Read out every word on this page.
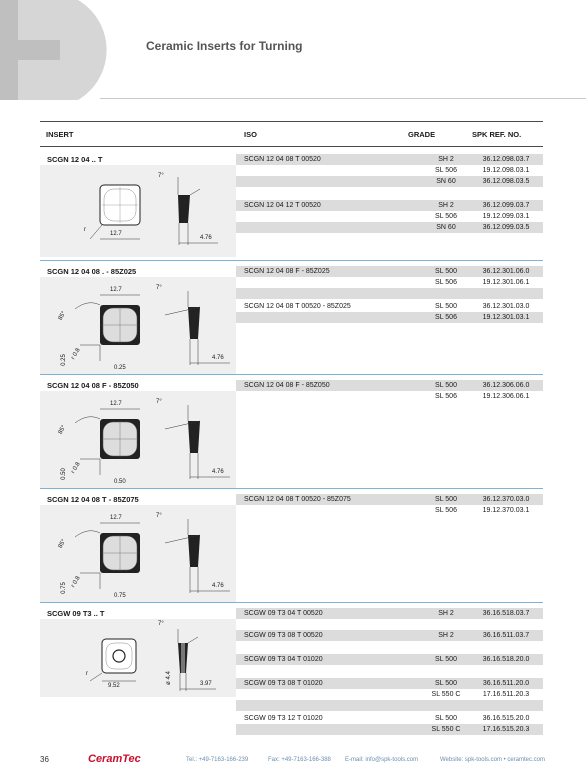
Ceramic Inserts for Turning
INSERT	ISO	GRADE	SPK REF. NO.
SCGN 12 04 .. T
7°
12.7
4.76
r
SCGN 12 04 08 T 00520	SH 2	36.12.098.03.7
SL 506	19.12.098.03.1
SN 60	36.12.098.03.5
SCGN 12 04 12 T 00520	SH 2	36.12.099.03.7
SL 506	19.12.099.03.1
SN 60	36.12.099.03.5
SCGN 12 04 08 . - 85Z025
7°
12.7
4.76
85°
0.25 r 0.8
0.25
SCGN 12 04 08 F - 85Z025	SL 500	36.12.301.06.0
SL 506	19.12.301.06.1
SCGN 12 04 08 T 00520 - 85Z025	SL 500	36.12.301.03.0
SL 506	19.12.301.03.1
SCGN 12 04 08 F - 85Z050
7°
12.7
4.76
85°
0.50 r 0.8
0.50
SCGN 12 04 08 F - 85Z050	SL 500	36.12.306.06.0
SL 506	19.12.306.06.1
SCGN 12 04 08 T - 85Z075
7°
12.7
4.76
85°
0.75 r 0.8
0.75
SCGN 12 04 08 T 00520 - 85Z075	SL 500	36.12.370.03.0
SL 506	19.12.370.03.1
SCGW 09 T3 .. T
7°
9.52	3.97
r	ø 4.4
SCGW 09 T3 04 T 00520	SH 2	36.16.518.03.7
SCGW 09 T3 08 T 00520	SH 2	36.16.511.03.7
SCGW 09 T3 04 T 01020	SL 500	36.16.518.20.0
SCGW 09 T3 08 T 01020	SL 500	36.16.511.20.0
SL 550 C	17.16.511.20.3
SCGW 09 T3 12 T 01020	SL 500	36.16.515.20.0
SL 550 C	17.16.515.20.3
36	CeramTec	Tel.: +49-7163-166-239	Fax: +49-7163-166-388 E-mail: info@spk-tools.com	Website: spk-tools.com • ceramtec.com
